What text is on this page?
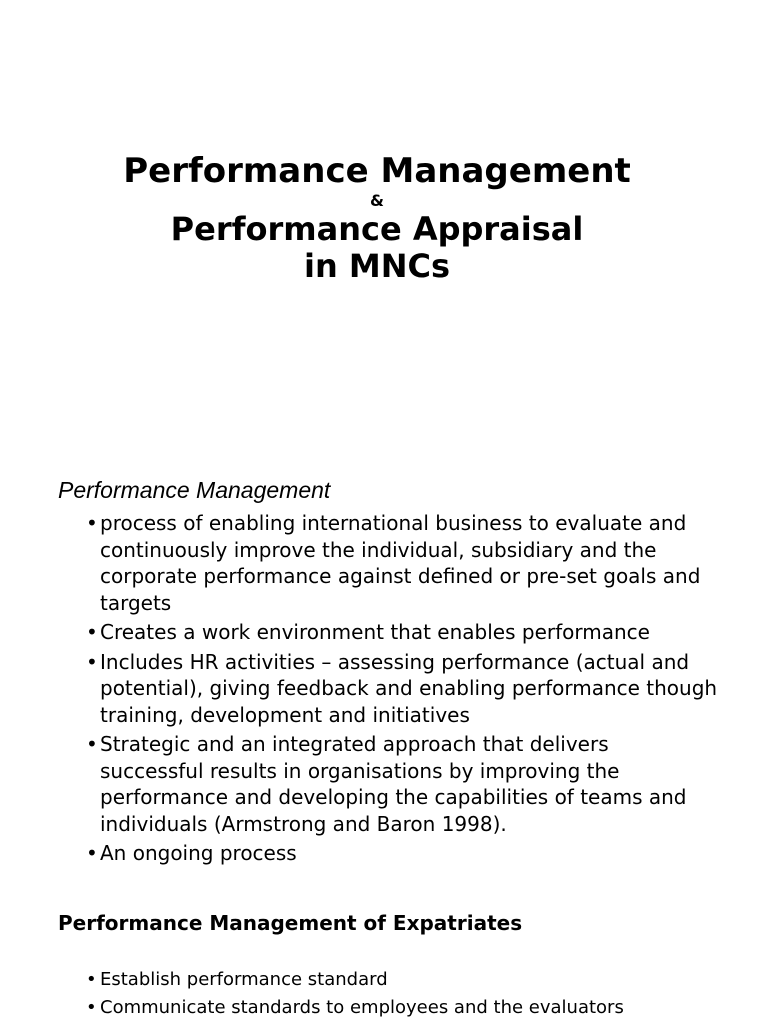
Performance Management
&
Performance Appraisal
in MNCs
Performance Management
• process of enabling international business to evaluate and continuously improve the individual, subsidiary and the corporate performance against defined or pre-set goals and targets
• Creates a work environment that enables performance
• Includes HR activities – assessing performance (actual and potential), giving feedback and enabling performance though training, development and initiatives
• Strategic and an integrated approach that delivers successful results in organisations by improving the performance and developing the capabilities of teams and individuals (Armstrong and Baron 1998).
• An ongoing process
Performance Management of Expatriates
• Establish performance standard
• Communicate standards to employees and the evaluators
